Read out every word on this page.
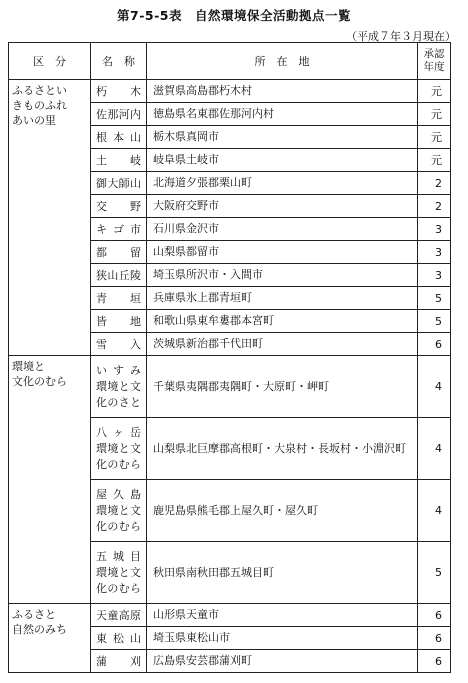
第7-5-5表　自然環境保全活動拠点一覧
（平成７年３月現在）
区　分	名　称	所　在　地	承認
年度

ふるさとい
きものふれ
あいの里	朽　木	滋賀県高島郡朽木村	元

	佐那河内	徳島県名東郡佐那河内村	元

	根本山	栃木県真岡市	元

	土　岐	岐阜県土岐市	元

	御大師山	北海道夕張郡栗山町	2

	交　野	大阪府交野市	2

	キゴ市	石川県金沢市	3

	都　留	山梨県都留市	3

	狭山丘陵	埼玉県所沢市・入間市	3

	青　垣	兵庫県氷上郡青垣町	5

	皆　地	和歌山県東牟婁郡本宮町	5

	雪　入	茨城県新治郡千代田町	6

環境と
文化のむら	いすみ
環境と文
化のさと	千葉県夷隅郡夷隅町・大原町・岬町	4

	八ヶ岳
環境と文
化のむら	山梨県北巨摩郡高根町・大泉村・長坂村・小淵沢町	4

	屋久島
環境と文
化のむら	鹿児島県熊毛郡上屋久町・屋久町	4

	五城目
環境と文
化のむら	秋田県南秋田郡五城目町	5

ふるさと
自然のみち	天童高原	山形県天童市	6

	東松山	埼玉県東松山市	6

	蒲　刈	広島県安芸郡蒲刈町	6
